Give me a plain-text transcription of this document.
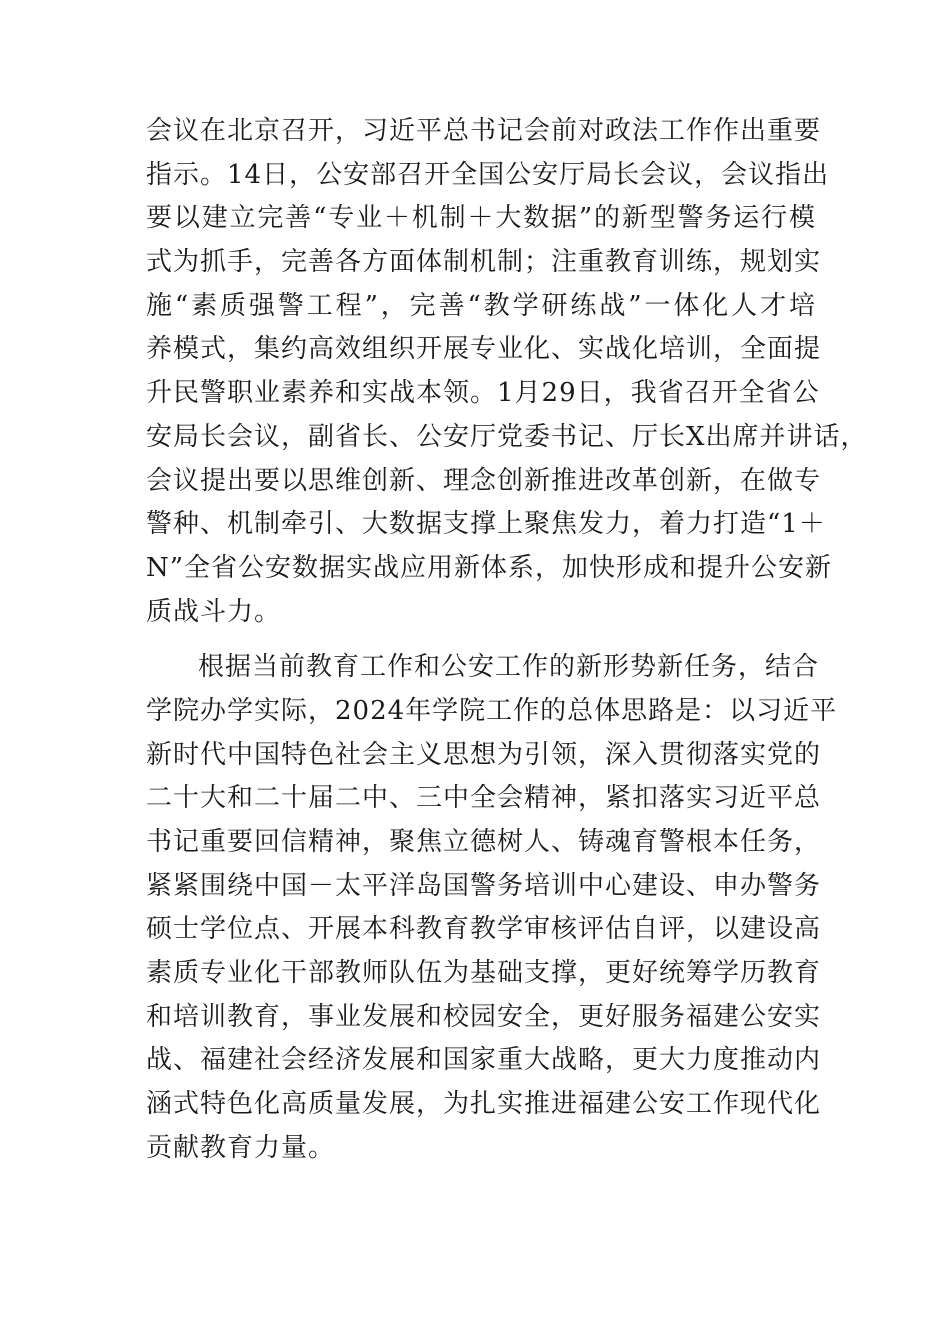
会议在北京召开，习近平总书记会前对政法工作作出重要
指示。14日，公安部召开全国公安厅局长会议，会议指出
要以建立完善“专业＋机制＋大数据”的新型警务运行模
式为抓手，完善各方面体制机制；注重教育训练，规划实
施“素质强警工程”，完善“教学研练战”一体化人才培
养模式，集约高效组织开展专业化、实战化培训，全面提
升民警职业素养和实战本领。1月29日，我省召开全省公
安局长会议，副省长、公安厅党委书记、厅长X出席并讲话，
会议提出要以思维创新、理念创新推进改革创新，在做专
警种、机制牵引、大数据支撑上聚焦发力，着力打造“1＋
N”全省公安数据实战应用新体系，加快形成和提升公安新
质战斗力。
根据当前教育工作和公安工作的新形势新任务，结合
学院办学实际，2024年学院工作的总体思路是：以习近平
新时代中国特色社会主义思想为引领，深入贯彻落实党的
二十大和二十届二中、三中全会精神，紧扣落实习近平总
书记重要回信精神，聚焦立德树人、铸魂育警根本任务，
紧紧围绕中国－太平洋岛国警务培训中心建设、申办警务
硕士学位点、开展本科教育教学审核评估自评，以建设高
素质专业化干部教师队伍为基础支撑，更好统筹学历教育
和培训教育，事业发展和校园安全，更好服务福建公安实
战、福建社会经济发展和国家重大战略，更大力度推动内
涵式特色化高质量发展，为扎实推进福建公安工作现代化
贡献教育力量。
